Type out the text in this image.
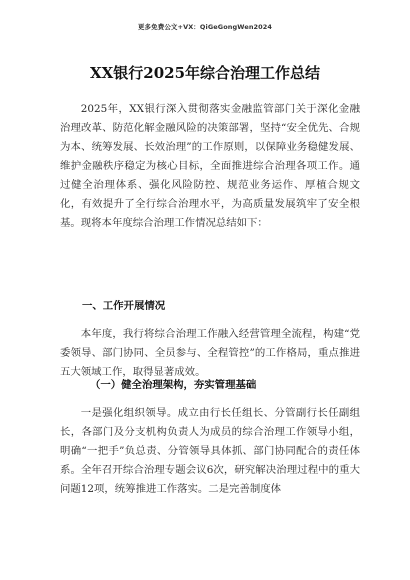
更多免费公文+VX：QiGeGongWen2024
XX银行2025年综合治理工作总结

2025年，XX银行深入贯彻落实金融监管部门关于深化金融治理改革、防范化解金融风险的决策部署，坚持“安全优先、合规为本、统筹发展、长效治理”的工作原则，以保障业务稳健发展、维护金融秩序稳定为核心目标，全面推进综合治理各项工作。通过健全治理体系、强化风险防控、规范业务运作、厚植合规文化，有效提升了全行综合治理水平，为高质量发展筑牢了安全根基。现将本年度综合治理工作情况总结如下：

一、工作开展情况

本年度，我行将综合治理工作融入经营管理全流程，构建“党委领导、部门协同、全员参与、全程管控”的工作格局，重点推进五大领域工作，取得显著成效。

（一）健全治理架构，夯实管理基础

一是强化组织领导。成立由行长任组长、分管副行长任副组长，各部门及分支机构负责人为成员的综合治理工作领导小组，明确“一把手”负总责、分管领导具体抓、部门协同配合的责任体系。全年召开综合治理专题会议6次，研究解决治理过程中的重大问题12项，统筹推进工作落实。二是完善制度体
